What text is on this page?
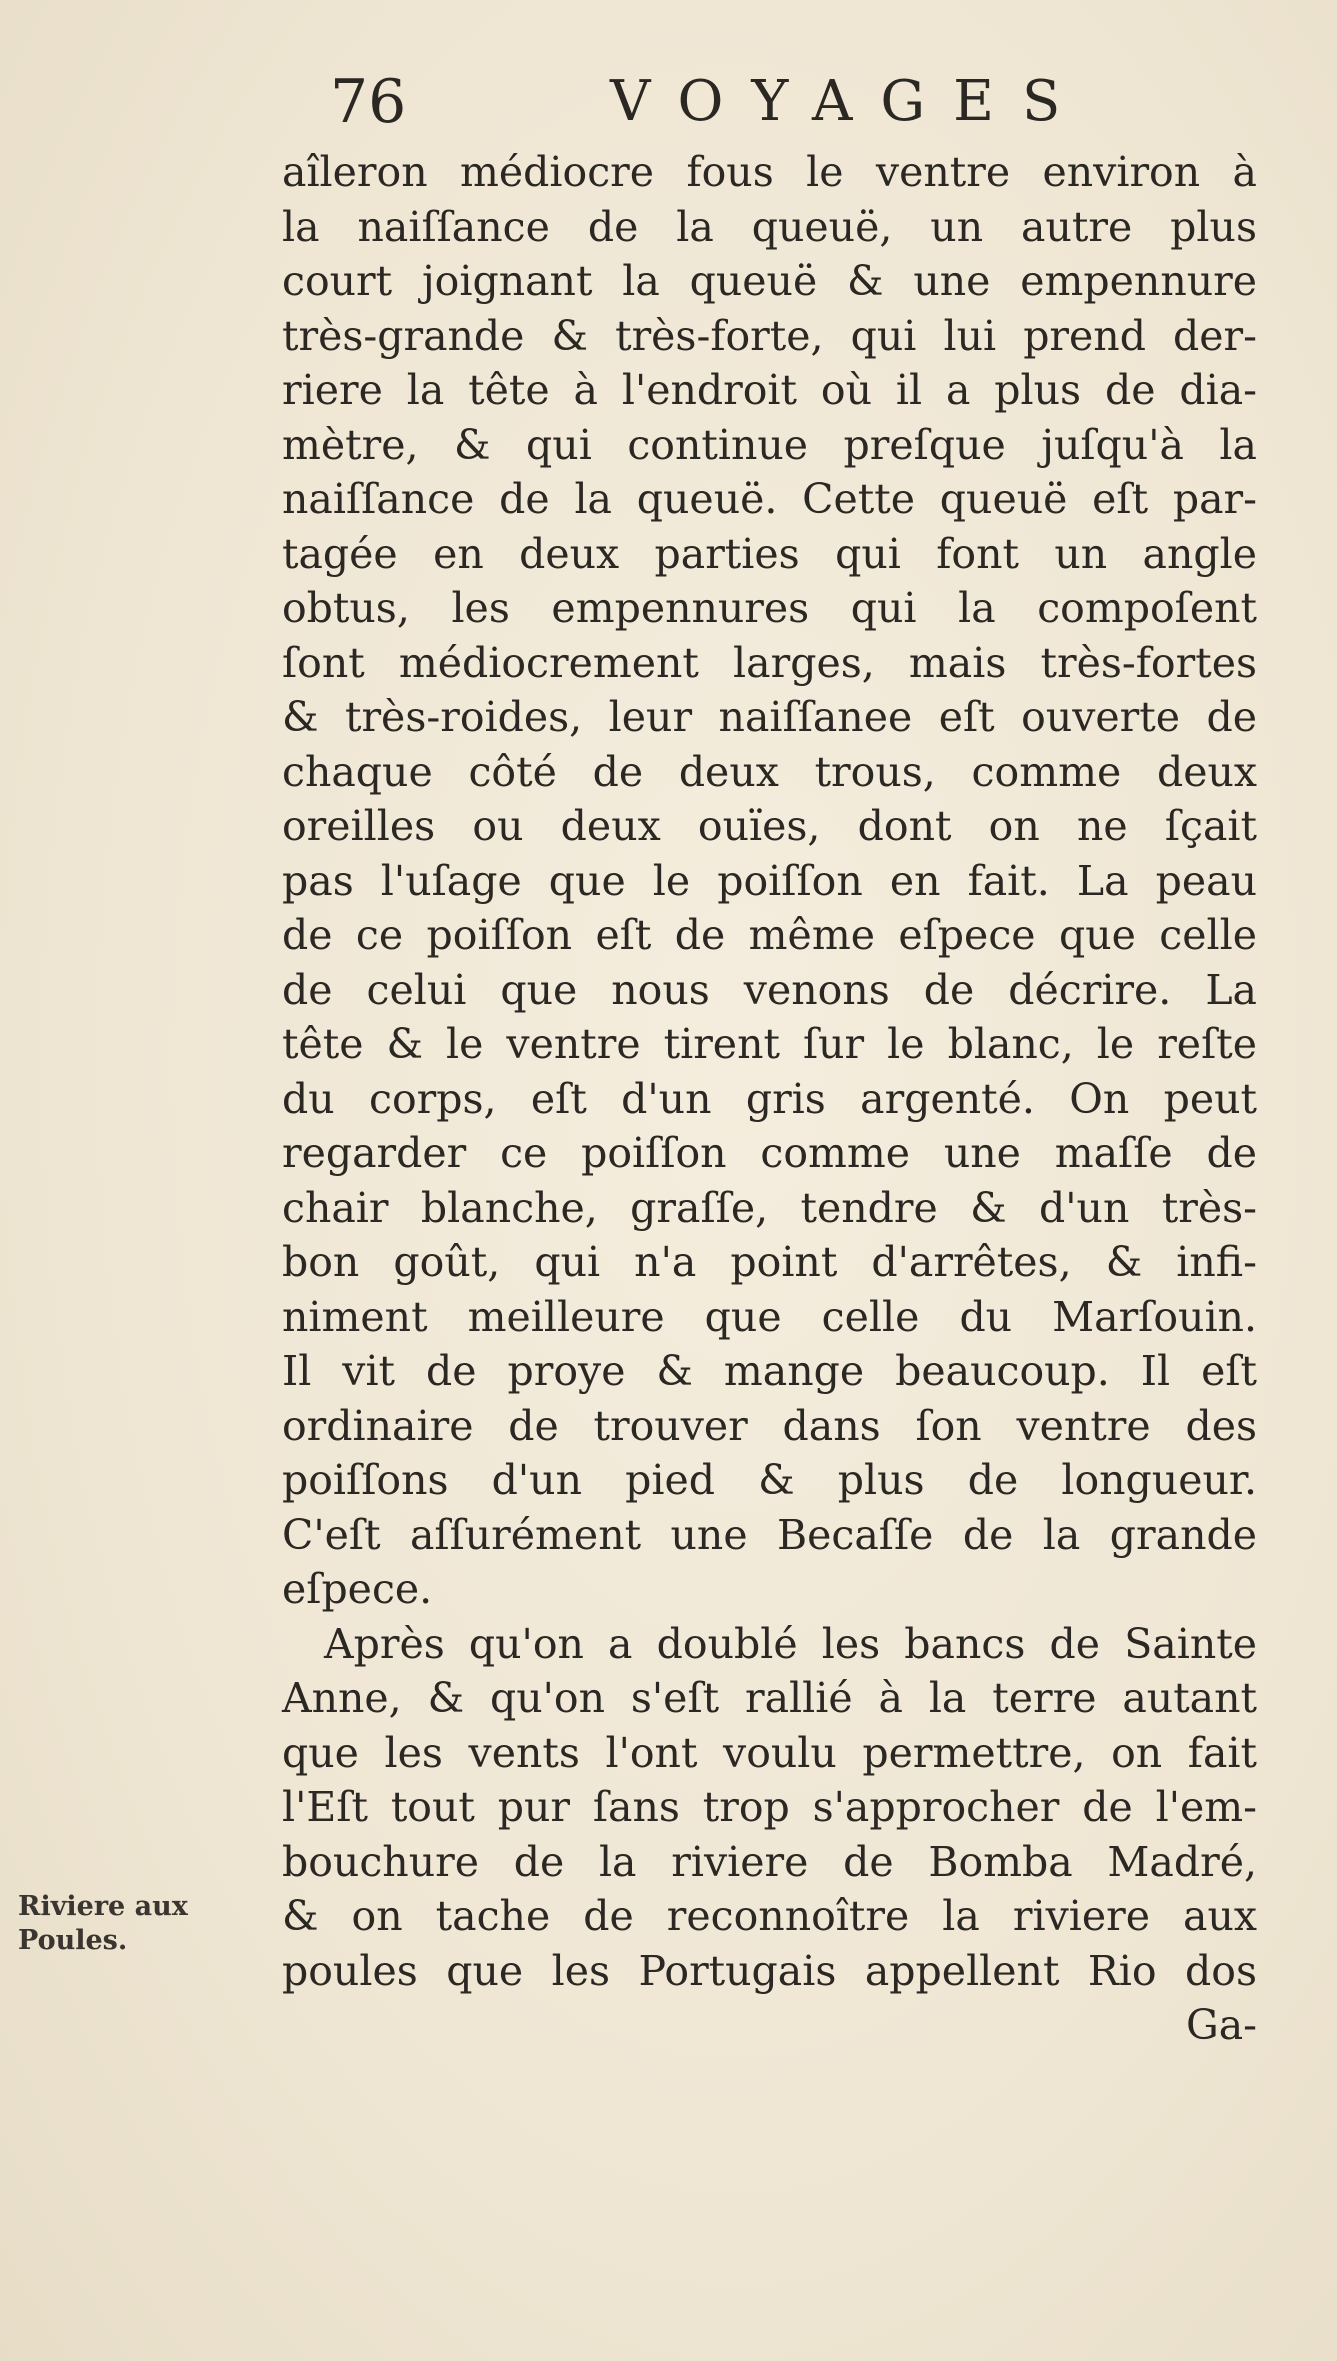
76	VOYAGES
aîleron médiocre fous le ventre environ à
la naiſſance de la queuë, un autre plus
court joignant la queuë & une empennure
très-grande & très-forte, qui lui prend der-
riere la tête à l'endroit où il a plus de dia-
mètre, & qui continue preſque juſqu'à la
naiſſance de la queuë. Cette queuë eſt par-
tagée en deux parties qui font un angle
obtus, les empennures qui la compoſent
ſont médiocrement larges, mais très-fortes
& très-roides, leur naiſſanee eſt ouverte de
chaque côté de deux trous, comme deux
oreilles ou deux ouïes, dont on ne ſçait
pas l'uſage que le poiſſon en fait. La peau
de ce poiſſon eſt de même eſpece que celle
de celui que nous venons de décrire. La
tête & le ventre tirent ſur le blanc, le reſte
du corps, eſt d'un gris argenté. On peut
regarder ce poiſſon comme une maſſe de
chair blanche, graſſe, tendre & d'un très-
bon goût, qui n'a point d'arrêtes, & infi-
niment meilleure que celle du Marſouin.
Il vit de proye & mange beaucoup. Il eſt
ordinaire de trouver dans ſon ventre des
poiſſons d'un pied & plus de longueur.
C'eſt aſſurément une Becaſſe de la grande
eſpece.
Après qu'on a doublé les bancs de Sainte
Anne, & qu'on s'eſt rallié à la terre autant
que les vents l'ont voulu permettre, on fait
l'Eſt tout pur ſans trop s'approcher de l'em-
bouchure de la riviere de Bomba Madré,
& on tache de reconnoître la riviere aux
poules que les Portugais appellent Rio dos
Ga-
Riviere aux
Poules.
